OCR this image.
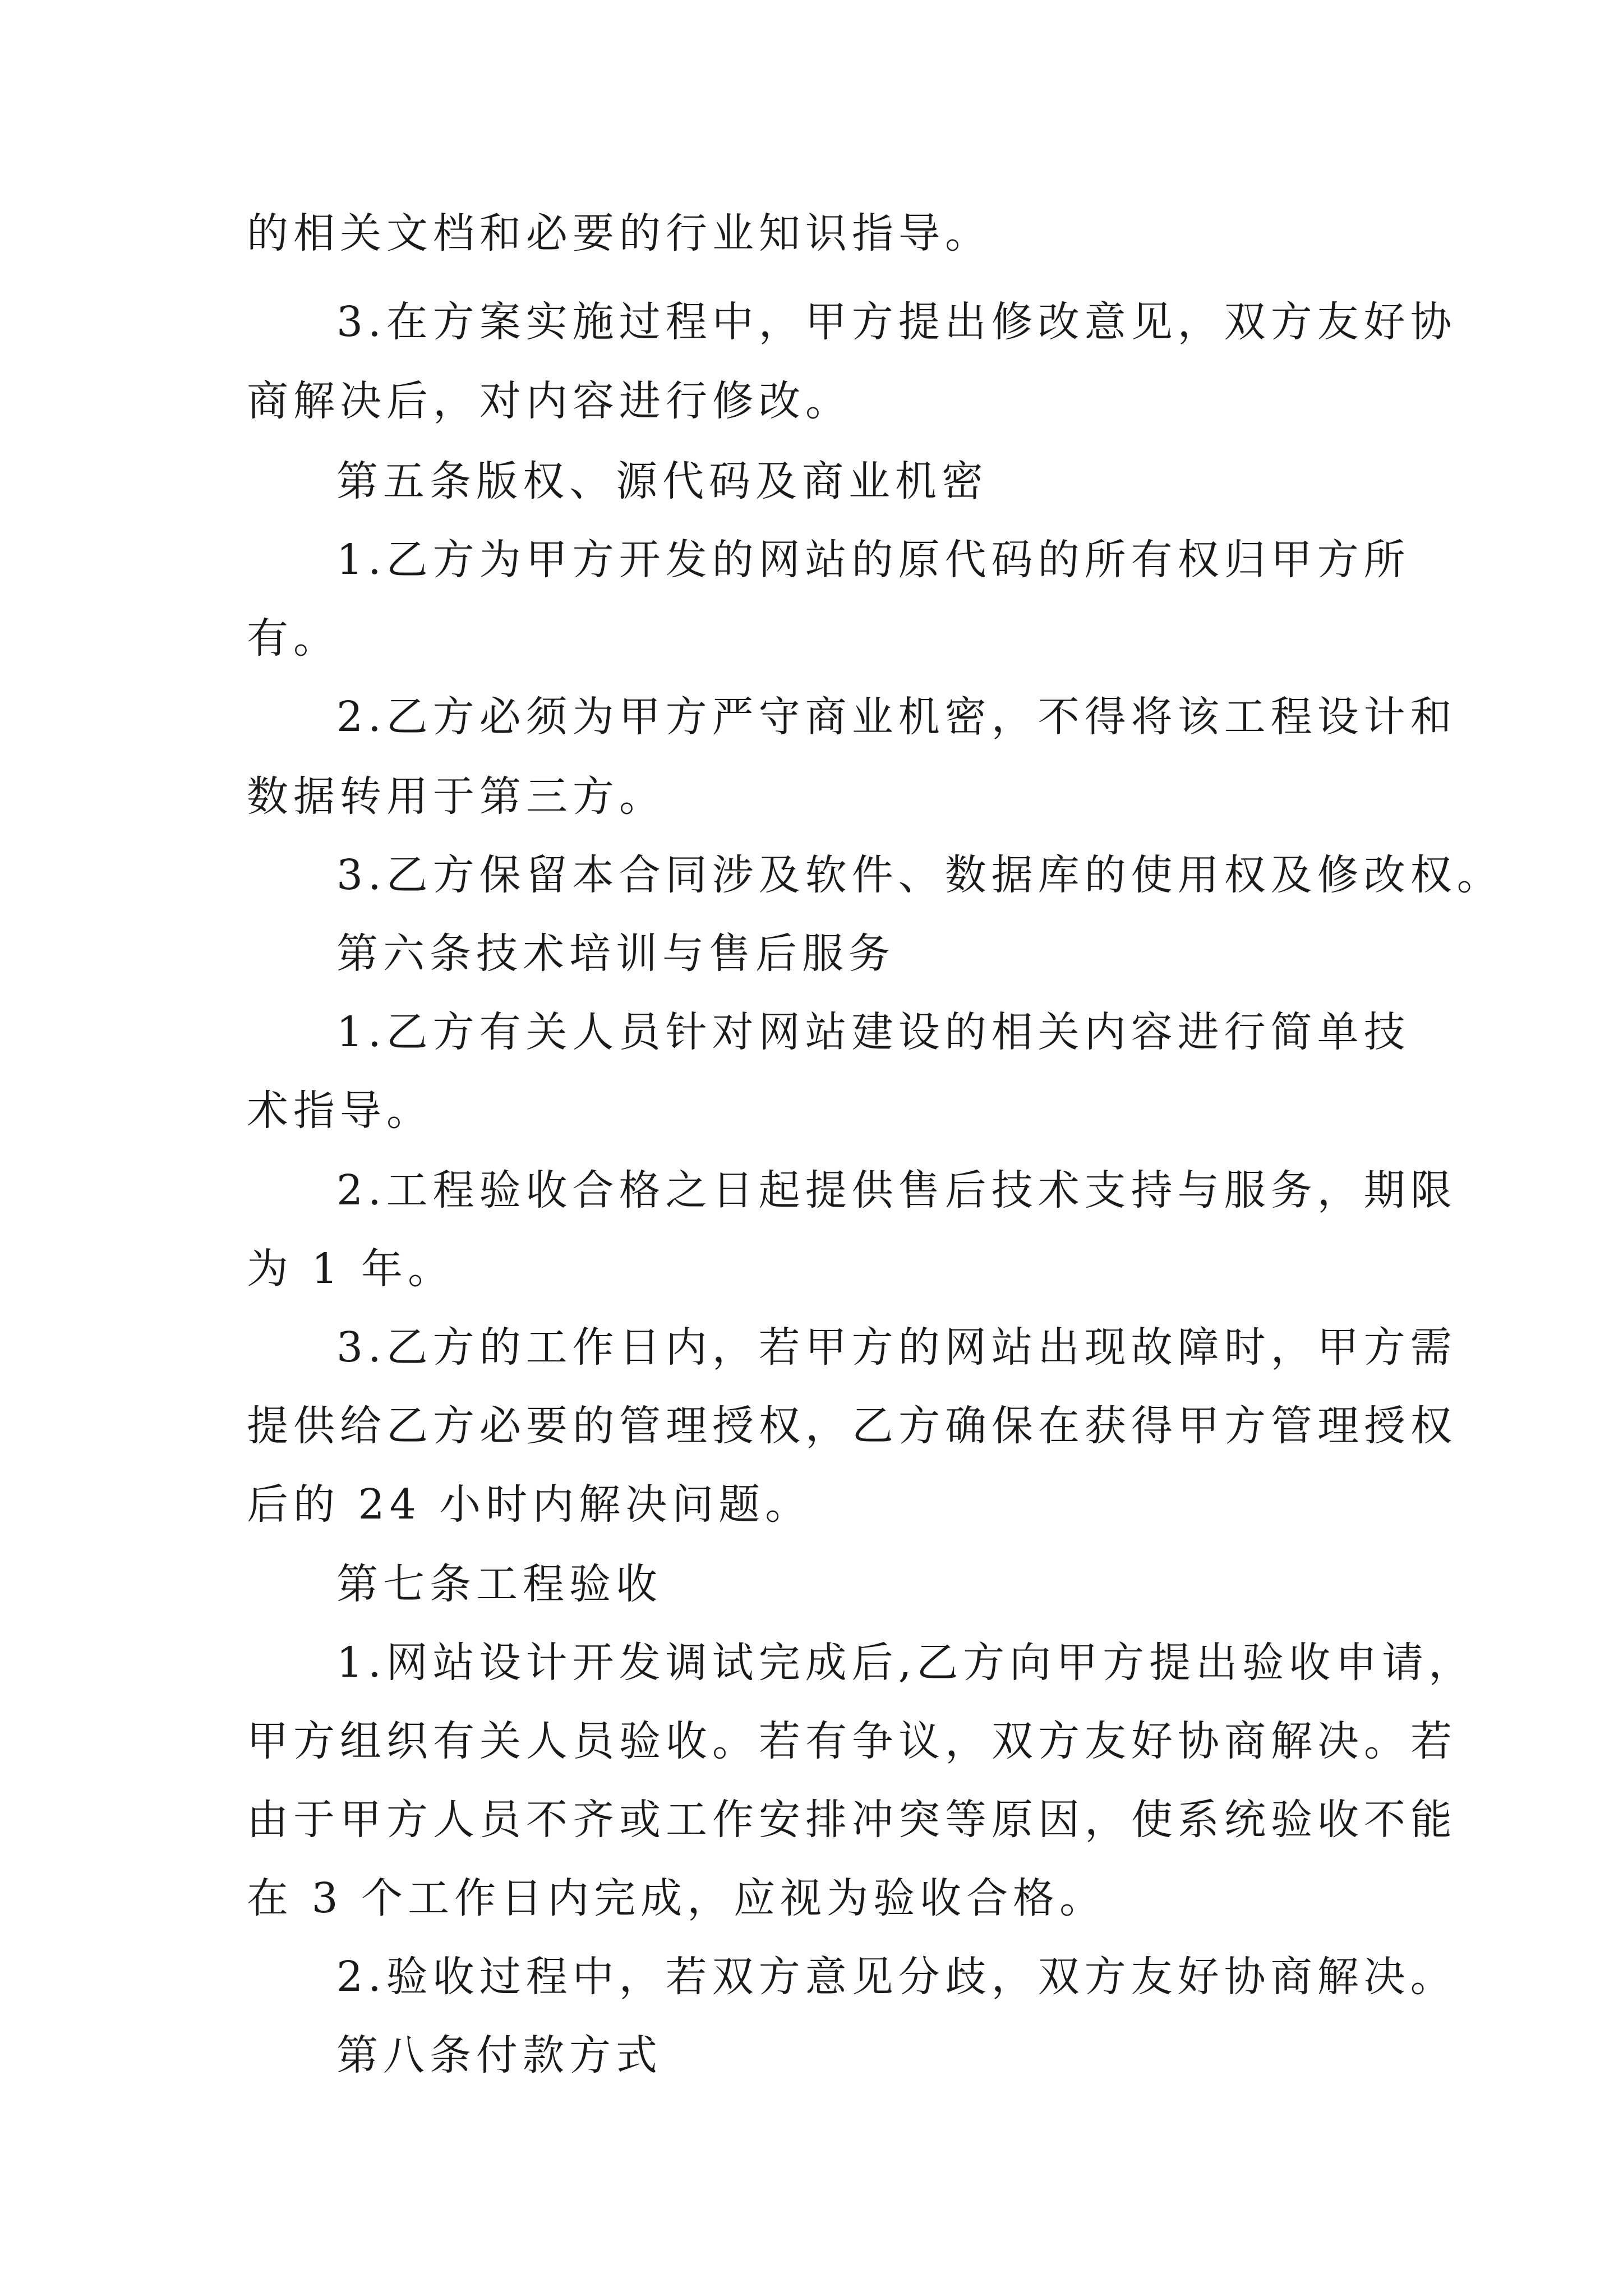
的相关文档和必要的行业知识指导。

3.在方案实施过程中，甲方提出修改意见，双方友好协

商解决后，对内容进行修改。

第五条版权、源代码及商业机密

1.乙方为甲方开发的网站的原代码的所有权归甲方所

有。

2.乙方必须为甲方严守商业机密，不得将该工程设计和

数据转用于第三方。

3.乙方保留本合同涉及软件、数据库的使用权及修改权。

第六条技术培训与售后服务

1.乙方有关人员针对网站建设的相关内容进行简单技

术指导。

2.工程验收合格之日起提供售后技术支持与服务，期限

为 1 年。

3.乙方的工作日内，若甲方的网站出现故障时，甲方需

提供给乙方必要的管理授权，乙方确保在获得甲方管理授权

后的 24 小时内解决问题。

第七条工程验收

1.网站设计开发调试完成后,乙方向甲方提出验收申请，

甲方组织有关人员验收。若有争议，双方友好协商解决。若

由于甲方人员不齐或工作安排冲突等原因，使系统验收不能

在 3 个工作日内完成，应视为验收合格。

2.验收过程中，若双方意见分歧，双方友好协商解决。

第八条付款方式
